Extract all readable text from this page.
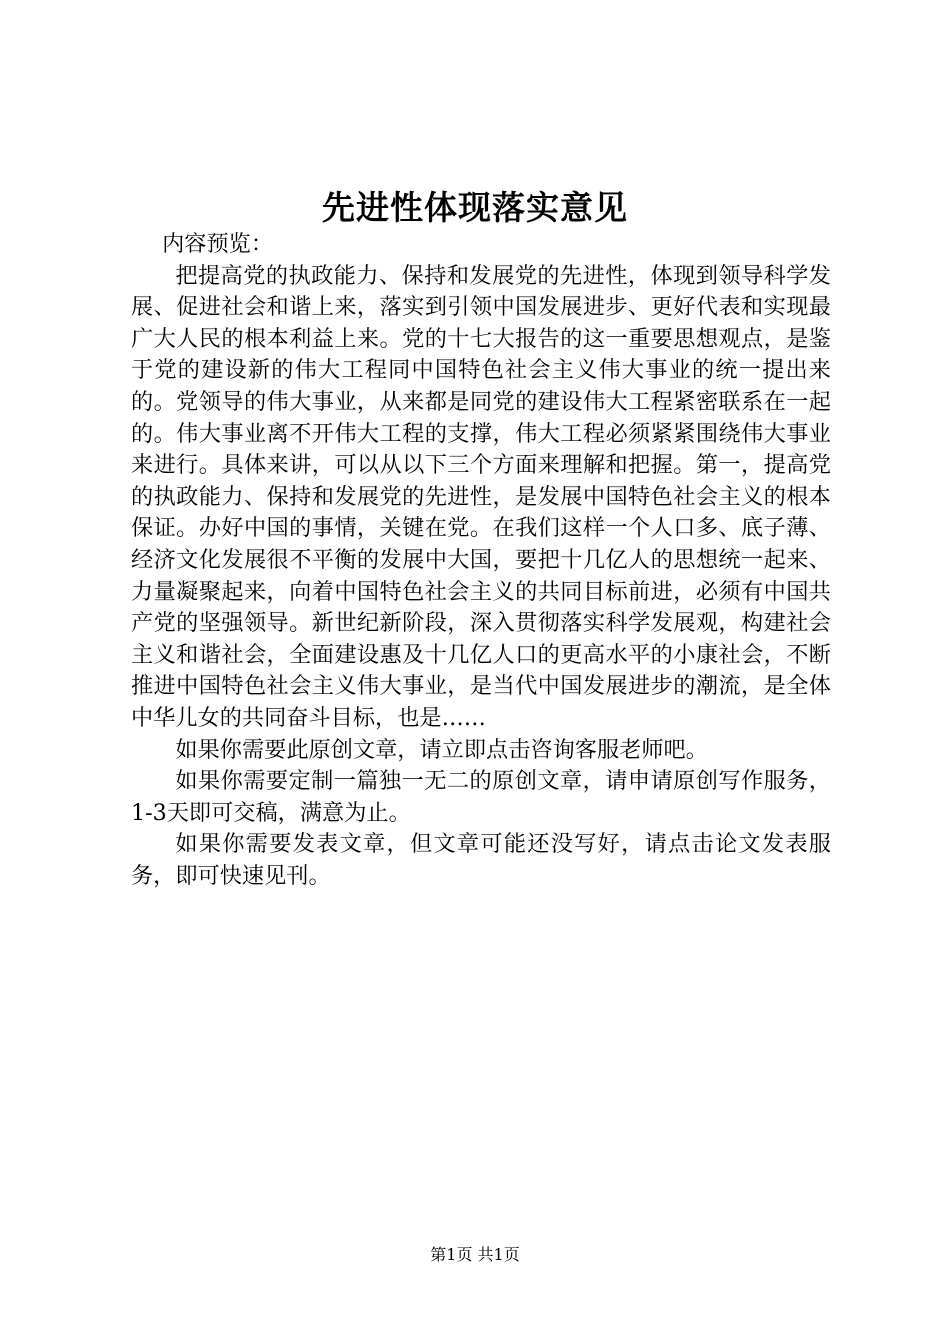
先进性体现落实意见

内容预览：

把提高党的执政能力、保持和发展党的先进性，体现到领导科学发展、促进社会和谐上来，落实到引领中国发展进步、更好代表和实现最广大人民的根本利益上来。党的十七大报告的这一重要思想观点，是鉴于党的建设新的伟大工程同中国特色社会主义伟大事业的统一提出来的。党领导的伟大事业，从来都是同党的建设伟大工程紧密联系在一起的。伟大事业离不开伟大工程的支撑，伟大工程必须紧紧围绕伟大事业来进行。具体来讲，可以从以下三个方面来理解和把握。第一，提高党的执政能力、保持和发展党的先进性，是发展中国特色社会主义的根本保证。办好中国的事情，关键在党。在我们这样一个人口多、底子薄、经济文化发展很不平衡的发展中大国，要把十几亿人的思想统一起来、力量凝聚起来，向着中国特色社会主义的共同目标前进，必须有中国共产党的坚强领导。新世纪新阶段，深入贯彻落实科学发展观，构建社会主义和谐社会，全面建设惠及十几亿人口的更高水平的小康社会，不断推进中国特色社会主义伟大事业，是当代中国发展进步的潮流，是全体中华儿女的共同奋斗目标，也是……

如果你需要此原创文章，请立即点击咨询客服老师吧。

如果你需要定制一篇独一无二的原创文章，请申请原创写作服务，1-3天即可交稿，满意为止。

如果你需要发表文章，但文章可能还没写好，请点击论文发表服务，即可快速见刊。

第1页 共1页
